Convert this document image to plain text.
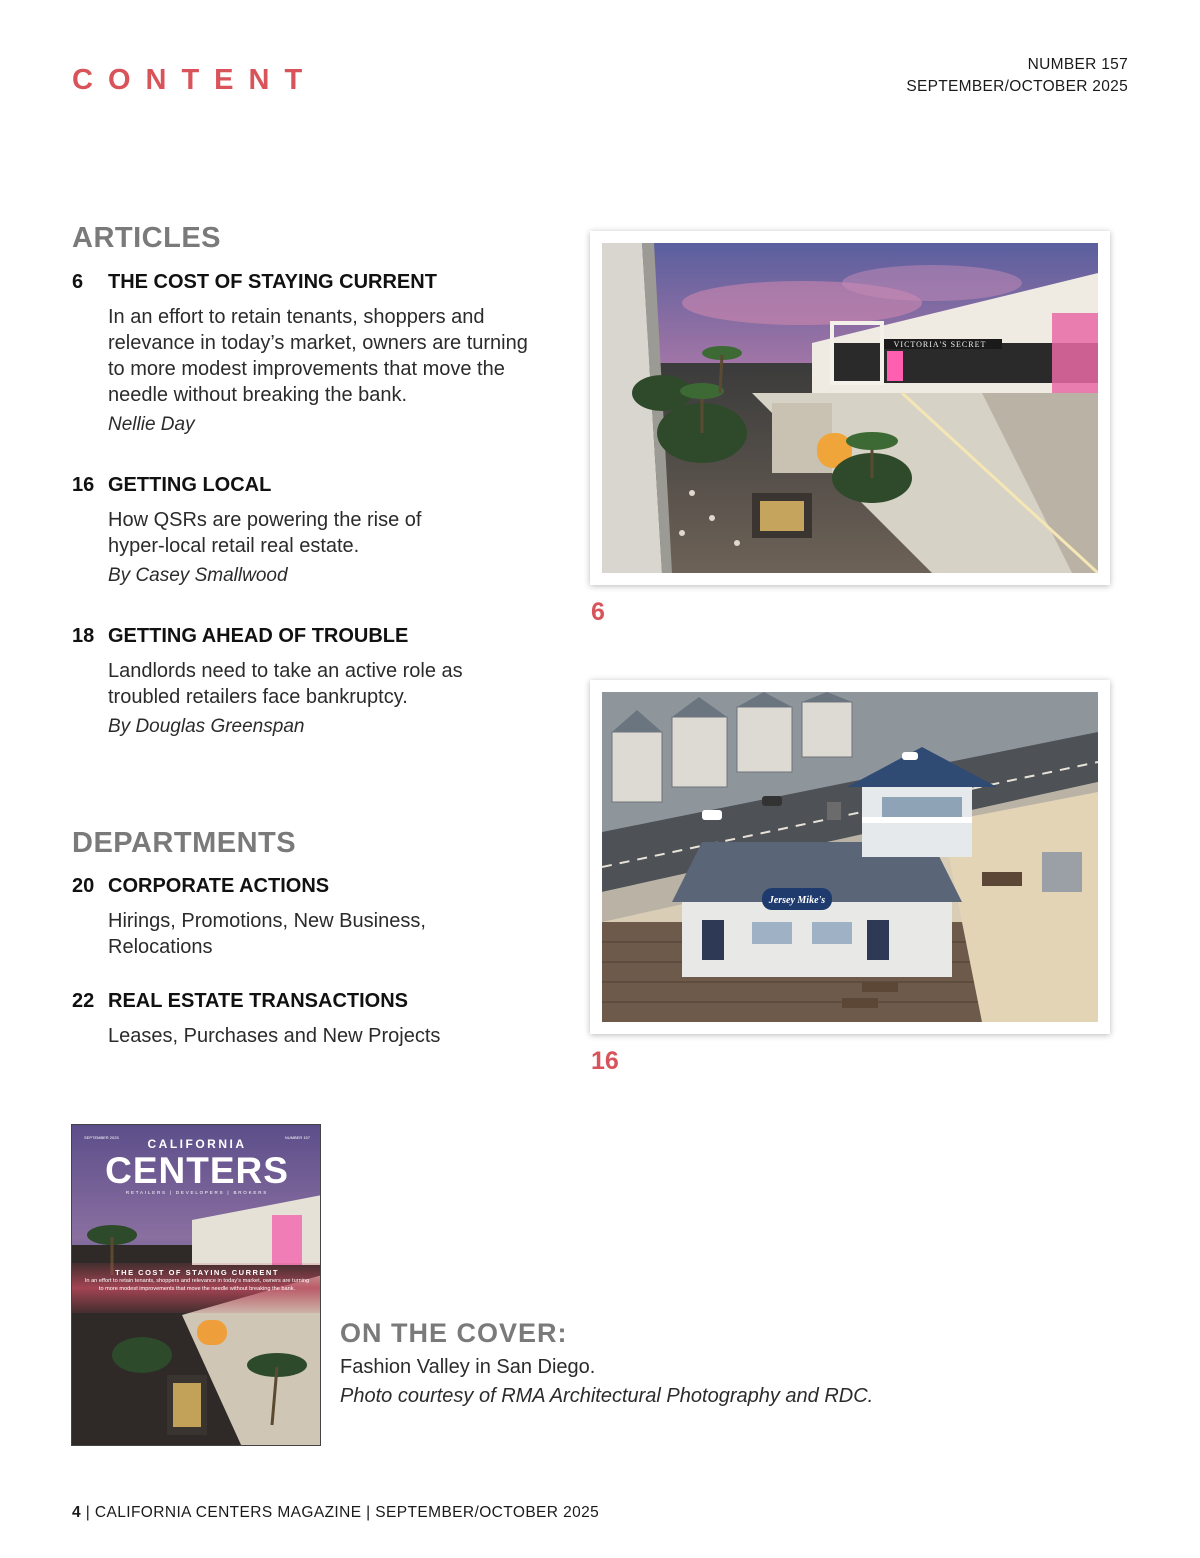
CONTENT	NUMBER 157
SEPTEMBER/OCTOBER 2025
ARTICLES
6	THE COST OF STAYING CURRENT
In an effort to retain tenants, shoppers and relevance in today’s market, owners are turning to more modest improvements that move the needle without breaking the bank.
Nellie Day
16 GETTING LOCAL
How QSRs are powering the rise of hyper-local retail real estate.
By Casey Smallwood
18 GETTING AHEAD OF TROUBLE
Landlords need to take an active role as troubled retailers face bankruptcy.
By Douglas Greenspan
DEPARTMENTS
20 CORPORATE ACTIONS
Hirings, Promotions, New Business, Relocations
22 REAL ESTATE TRANSACTIONS
Leases, Purchases and New Projects
VICTORIA'S SECRET
6
Jersey Mike's
16
SEPTEMBER 2025	NUMBER 157
CALIFORNIA
CENTERS
RETAILERS | DEVELOPERS | BROKERS
THE COST OF STAYING CURRENT
In an effort to retain tenants, shoppers and relevance in today’s market, owners are turning to more modest improvements that move the needle without breaking the bank.
ON THE COVER:
Fashion Valley in San Diego.
Photo courtesy of RMA Architectural Photography and RDC.
4 | CALIFORNIA CENTERS MAGAZINE | SEPTEMBER/OCTOBER 2025
